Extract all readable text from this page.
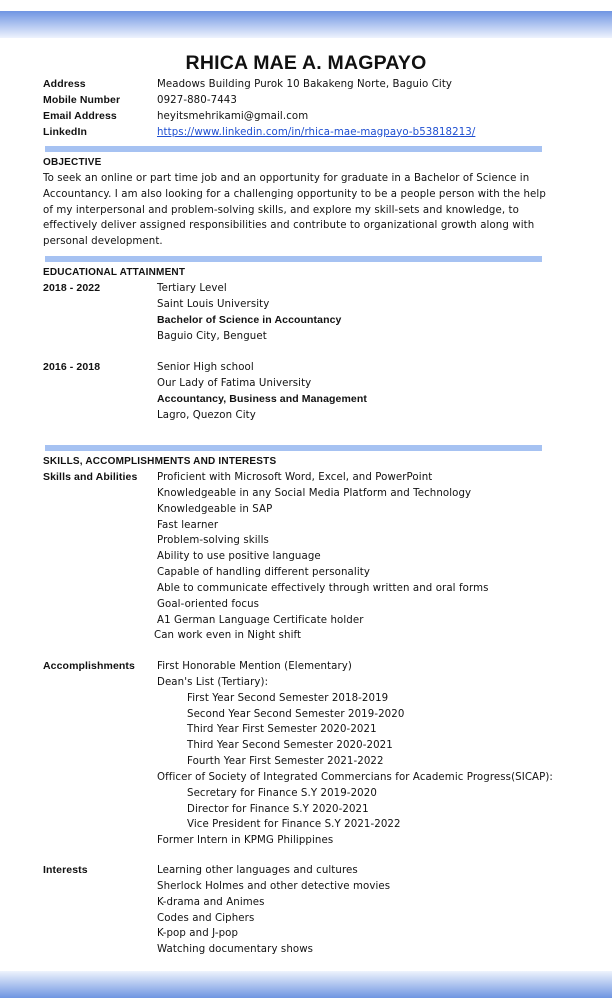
RHICA MAE A. MAGPAYO
Address	Meadows Building Purok 10 Bakakeng Norte, Baguio City
Mobile Number	0927-880-7443
Email Address	heyitsmehrikami@gmail.com
LinkedIn	https://www.linkedin.com/in/rhica-mae-magpayo-b53818213/
OBJECTIVE
To seek an online or part time job and an opportunity for graduate in a Bachelor of Science in Accountancy. I am also looking for a challenging opportunity to be a people person with the help of my interpersonal and problem-solving skills, and explore my skill-sets and knowledge, to effectively deliver assigned responsibilities and contribute to organizational growth along with personal development.
EDUCATIONAL ATTAINMENT
2018 - 2022	Tertiary Level
Saint Louis University
Bachelor of Science in Accountancy
Baguio City, Benguet
2016 - 2018	Senior High school
Our Lady of Fatima University
Accountancy, Business and Management
Lagro, Quezon City
SKILLS, ACCOMPLISHMENTS AND INTERESTS
Skills and Abilities	Proficient with Microsoft Word, Excel, and PowerPoint
Knowledgeable in any Social Media Platform and Technology
Knowledgeable in SAP
Fast learner
Problem-solving skills
Ability to use positive language
Capable of handling different personality
Able to communicate effectively through written and oral forms
Goal-oriented focus
A1 German Language Certificate holder
Can work even in Night shift
Accomplishments	First Honorable Mention (Elementary)
Dean's List (Tertiary):
First Year Second Semester 2018-2019
Second Year Second Semester 2019-2020
Third Year First Semester 2020-2021
Third Year Second Semester 2020-2021
Fourth Year First Semester 2021-2022
Officer of Society of Integrated Commercians for Academic Progress(SICAP):
Secretary for Finance S.Y 2019-2020
Director for Finance S.Y 2020-2021
Vice President for Finance S.Y 2021-2022
Former Intern in KPMG Philippines
Interests	Learning other languages and cultures
Sherlock Holmes and other detective movies
K-drama and Animes
Codes and Ciphers
K-pop and J-pop
Watching documentary shows
